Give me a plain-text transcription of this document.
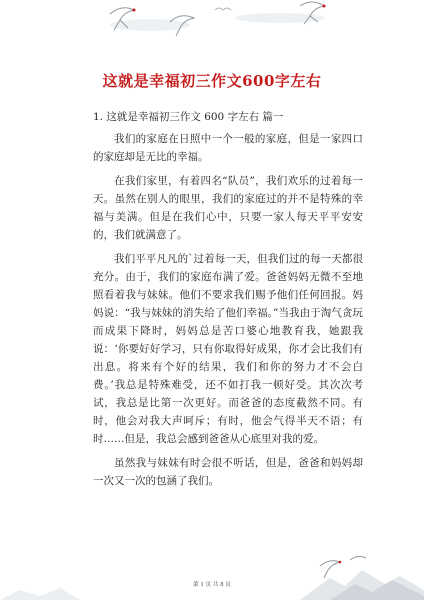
这就是幸福初三作文600字左右

1. 这就是幸福初三作文 600 字左右 篇一

我们的家庭在日照中一个一般的家庭，但是一家四口的家庭却是无比的幸福。

在我们家里，有着四名“队员”，我们欢乐的过着每一天。虽然在别人的眼里，我们的家庭过的并不是特殊的幸福与美满。但是在我们心中，只要一家人每天平平安安的，我们就满意了。

我们平平凡凡的`过着每一天，但我们过的每一天都很充分。由于，我们的家庭布满了爱。爸爸妈妈无微不至地照看着我与妹妹。他们不要求我们赐予他们任何回报。妈妈说：“我与妹妹的消失给了他们幸福。”当我由于淘气贪玩而成果下降时，妈妈总是苦口婆心地教育我，她跟我说：‘你要好好学习，只有你取得好成果，你才会比我们有出息。将来有个好的结果，我们和你的努力才不会白费。’我总是特殊难受，还不如打我一顿好受。其次次考试，我总是比第一次更好。而爸爸的态度截然不同。有时，他会对我大声呵斥；有时，他会气得半天不语；有时……但是，我总会感到爸爸从心底里对我的爱。

虽然我与妹妹有时会很不听话，但是，爸爸和妈妈却一次又一次的包涵了我们。

第 1 页 共 8 页
